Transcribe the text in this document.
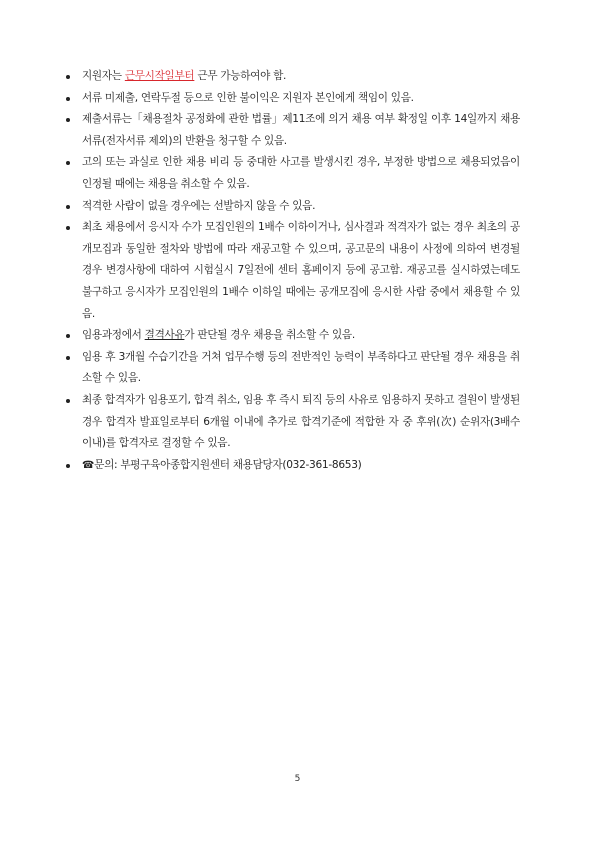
지원자는 근무시작일부터 근무 가능하여야 함.
서류 미제출, 연락두절 등으로 인한 불이익은 지원자 본인에게 책임이 있음.
제출서류는「채용절차 공정화에 관한 법률」제11조에 의거 채용 여부 확정일 이후 14일까지 채용서류(전자서류 제외)의 반환을 청구할 수 있음.
고의 또는 과실로 인한 채용 비리 등 중대한 사고를 발생시킨 경우, 부정한 방법으로 채용되었음이 인정될 때에는 채용을 취소할 수 있음.
적격한 사람이 없을 경우에는 선발하지 않을 수 있음.
최초 채용에서 응시자 수가 모집인원의 1배수 이하이거나, 심사결과 적격자가 없는 경우 최초의 공개모집과 동일한 절차와 방법에 따라 재공고할 수 있으며, 공고문의 내용이 사정에 의하여 변경될 경우 변경사항에 대하여 시험실시 7일전에 센터 홈페이지 등에 공고함. 재공고를 실시하였는데도 불구하고 응시자가 모집인원의 1배수 이하일 때에는 공개모집에 응시한 사람 중에서 채용할 수 있음.
임용과정에서 결격사유가 판단될 경우 채용을 취소할 수 있음.
임용 후 3개월 수습기간을 거쳐 업무수행 등의 전반적인 능력이 부족하다고 판단될 경우 채용을 취소할 수 있음.
최종 합격자가 임용포기, 합격 취소, 임용 후 즉시 퇴직 등의 사유로 임용하지 못하고 결원이 발생된 경우 합격자 발표일로부터 6개월 이내에 추가로 합격기준에 적합한 자 중 후위(次) 순위자(3배수 이내)를 합격자로 결정할 수 있음.
☎문의: 부평구육아종합지원센터 채용담당자(032-361-8653)
5
